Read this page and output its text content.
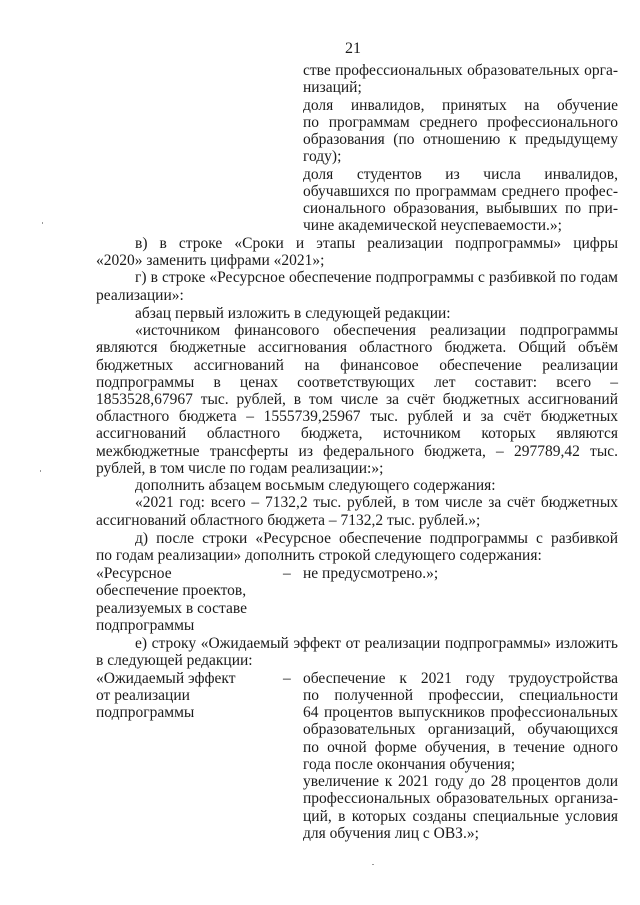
21
стве профессиональных образовательных орга-
низаций;
доля инвалидов, принятых на обучение
по программам среднего профессионального
образования (по отношению к предыдущему
году);
доля студентов из числа инвалидов,
обучавшихся по программам среднего профес-
сионального образования, выбывших по при-
чине академической неуспеваемости.»;
в) в строке «Сроки и этапы реализации подпрограммы» цифры
«2020» заменить цифрами «2021»;
г) в строке «Ресурсное обеспечение подпрограммы с разбивкой по годам
реализации»:
абзац первый изложить в следующей редакции:
«источником финансового обеспечения реализации подпрограммы
являются бюджетные ассигнования областного бюджета. Общий объём
бюджетных ассигнований на финансовое обеспечение реализации
подпрограммы в ценах соответствующих лет составит: всего –
1853528,67967 тыс. рублей, в том числе за счёт бюджетных ассигнований
областного бюджета – 1555739,25967 тыс. рублей и за счёт бюджетных
ассигнований областного бюджета, источником которых являются
межбюджетные трансферты из федерального бюджета, – 297789,42 тыс.
рублей, в том числе по годам реализации:»;
дополнить абзацем восьмым следующего содержания:
«2021 год: всего – 7132,2 тыс. рублей, в том числе за счёт бюджетных
ассигнований областного бюджета – 7132,2 тыс. рублей.»;
д) после строки «Ресурсное обеспечение подпрограммы с разбивкой
по годам реализации» дополнить строкой следующего содержания:
«Ресурсное
обеспечение проектов,
реализуемых в составе
подпрограммы
– не предусмотрено.»;
е) строку «Ожидаемый эффект от реализации подпрограммы» изложить
в следующей редакции:
«Ожидаемый эффект
от реализации
подпрограммы
– обеспечение к 2021 году трудоустройства
по полученной профессии, специальности
64 процентов выпускников профессиональных
образовательных организаций, обучающихся
по очной форме обучения, в течение одного
года после окончания обучения;
увеличение к 2021 году до 28 процентов доли
профессиональных образовательных организа-
ций, в которых созданы специальные условия
для обучения лиц с ОВЗ.»;
